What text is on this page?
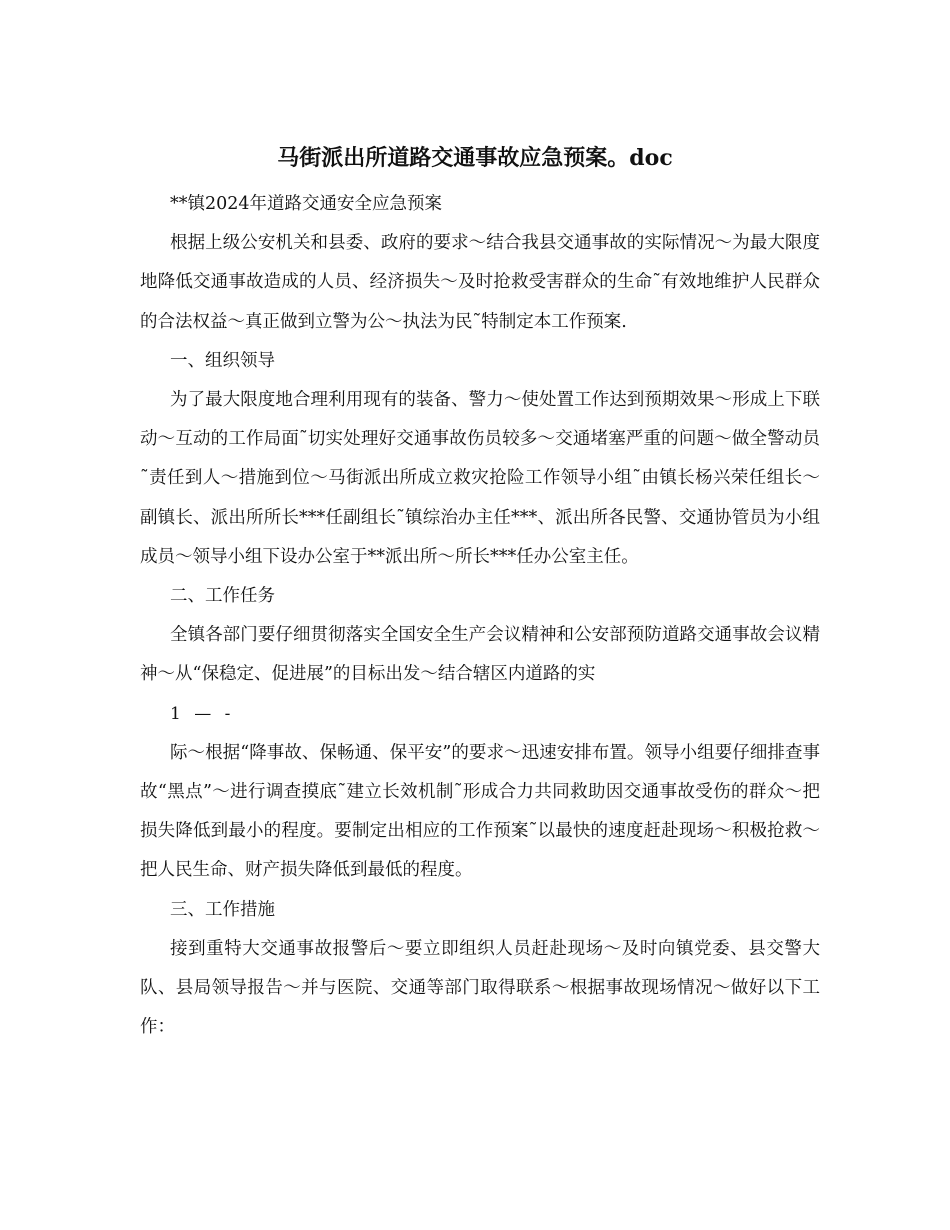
马街派出所道路交通事故应急预案。doc

**镇2024年道路交通安全应急预案

根据上级公安机关和县委、政府的要求～结合我县交通事故的实际情况～为最大限度地降低交通事故造成的人员、经济损失～及时抢救受害群众的生命˜有效地维护人民群众的合法权益～真正做到立警为公～执法为民˜特制定本工作预案.

一、组织领导

为了最大限度地合理利用现有的装备、警力～使处置工作达到预期效果～形成上下联动～互动的工作局面˜切实处理好交通事故伤员较多～交通堵塞严重的问题～做全警动员˜责任到人～措施到位～马街派出所成立救灾抢险工作领导小组˜由镇长杨兴荣任组长～副镇长、派出所所长***任副组长˜镇综治办主任***、派出所各民警、交通协管员为小组成员～领导小组下设办公室于**派出所～所长***任办公室主任。

二、工作任务

全镇各部门要仔细贯彻落实全国安全生产会议精神和公安部预防道路交通事故会议精神～从“保稳定、促进展”的目标出发～结合辖区内道路的实

1 — -

际～根据“降事故、保畅通、保平安”的要求～迅速安排布置。领导小组要仔细排查事故“黑点”～进行调查摸底˜建立长效机制˜形成合力共同救助因交通事故受伤的群众～把损失降低到最小的程度。要制定出相应的工作预案˜以最快的速度赶赴现场～积极抢救～把人民生命、财产损失降低到最低的程度。

三、工作措施

接到重特大交通事故报警后～要立即组织人员赶赴现场～及时向镇党委、县交警大队、县局领导报告～并与医院、交通等部门取得联系～根据事故现场情况～做好以下工作：
